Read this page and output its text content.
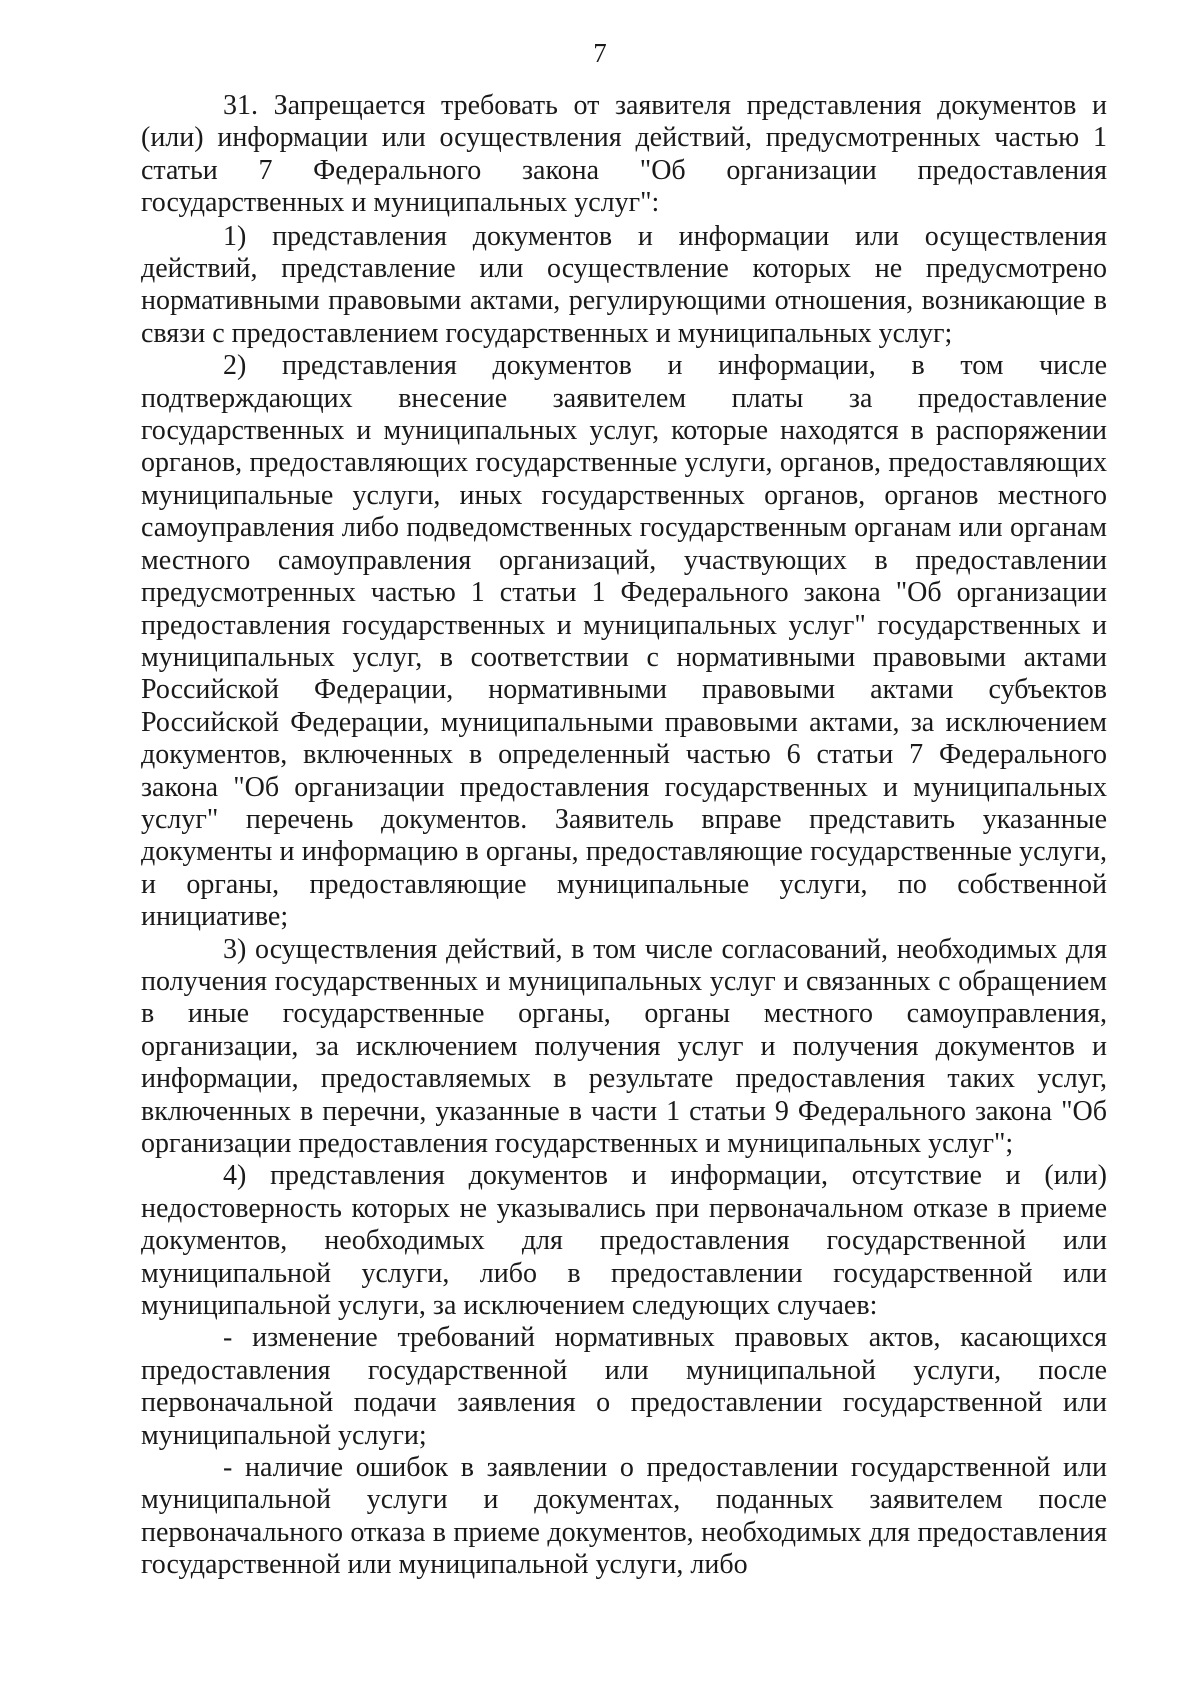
7

31. Запрещается требовать от заявителя представления документов и (или) информации или осуществления действий, предусмотренных частью 1 статьи 7 Федерального закона "Об организации предоставления государственных и муниципальных услуг":

1) представления документов и информации или осуществления действий, представление или осуществление которых не предусмотрено нормативными правовыми актами, регулирующими отношения, возникающие в связи с предоставлением государственных и муниципальных услуг;

2) представления документов и информации, в том числе подтверждающих внесение заявителем платы за предоставление государственных и муниципальных услуг, которые находятся в распоряжении органов, предоставляющих государственные услуги, органов, предоставляющих муниципальные услуги, иных государственных органов, органов местного самоуправления либо подведомственных государственным органам или органам местного самоуправления организаций, участвующих в предоставлении предусмотренных частью 1 статьи 1 Федерального закона "Об организации предоставления государственных и муниципальных услуг" государственных и муниципальных услуг, в соответствии с нормативными правовыми актами Российской Федерации, нормативными правовыми актами субъектов Российской Федерации, муниципальными правовыми актами, за исключением документов, включенных в определенный частью 6 статьи 7 Федерального закона "Об организации предоставления государственных и муниципальных услуг" перечень документов. Заявитель вправе представить указанные документы и информацию в органы, предоставляющие государственные услуги, и органы, предоставляющие муниципальные услуги, по собственной инициативе;

3) осуществления действий, в том числе согласований, необходимых для получения государственных и муниципальных услуг и связанных с обращением в иные государственные органы, органы местного самоуправления, организации, за исключением получения услуг и получения документов и информации, предоставляемых в результате предоставления таких услуг, включенных в перечни, указанные в части 1 статьи 9 Федерального закона "Об организации предоставления государственных и муниципальных услуг";

4) представления документов и информации, отсутствие и (или) недостоверность которых не указывались при первоначальном отказе в приеме документов, необходимых для предоставления государственной или муниципальной услуги, либо в предоставлении государственной или муниципальной услуги, за исключением следующих случаев:

- изменение требований нормативных правовых актов, касающихся предоставления государственной или муниципальной услуги, после первоначальной подачи заявления о предоставлении государственной или муниципальной услуги;

- наличие ошибок в заявлении о предоставлении государственной или муниципальной услуги и документах, поданных заявителем после первоначального отказа в приеме документов, необходимых для предоставления государственной или муниципальной услуги, либо
